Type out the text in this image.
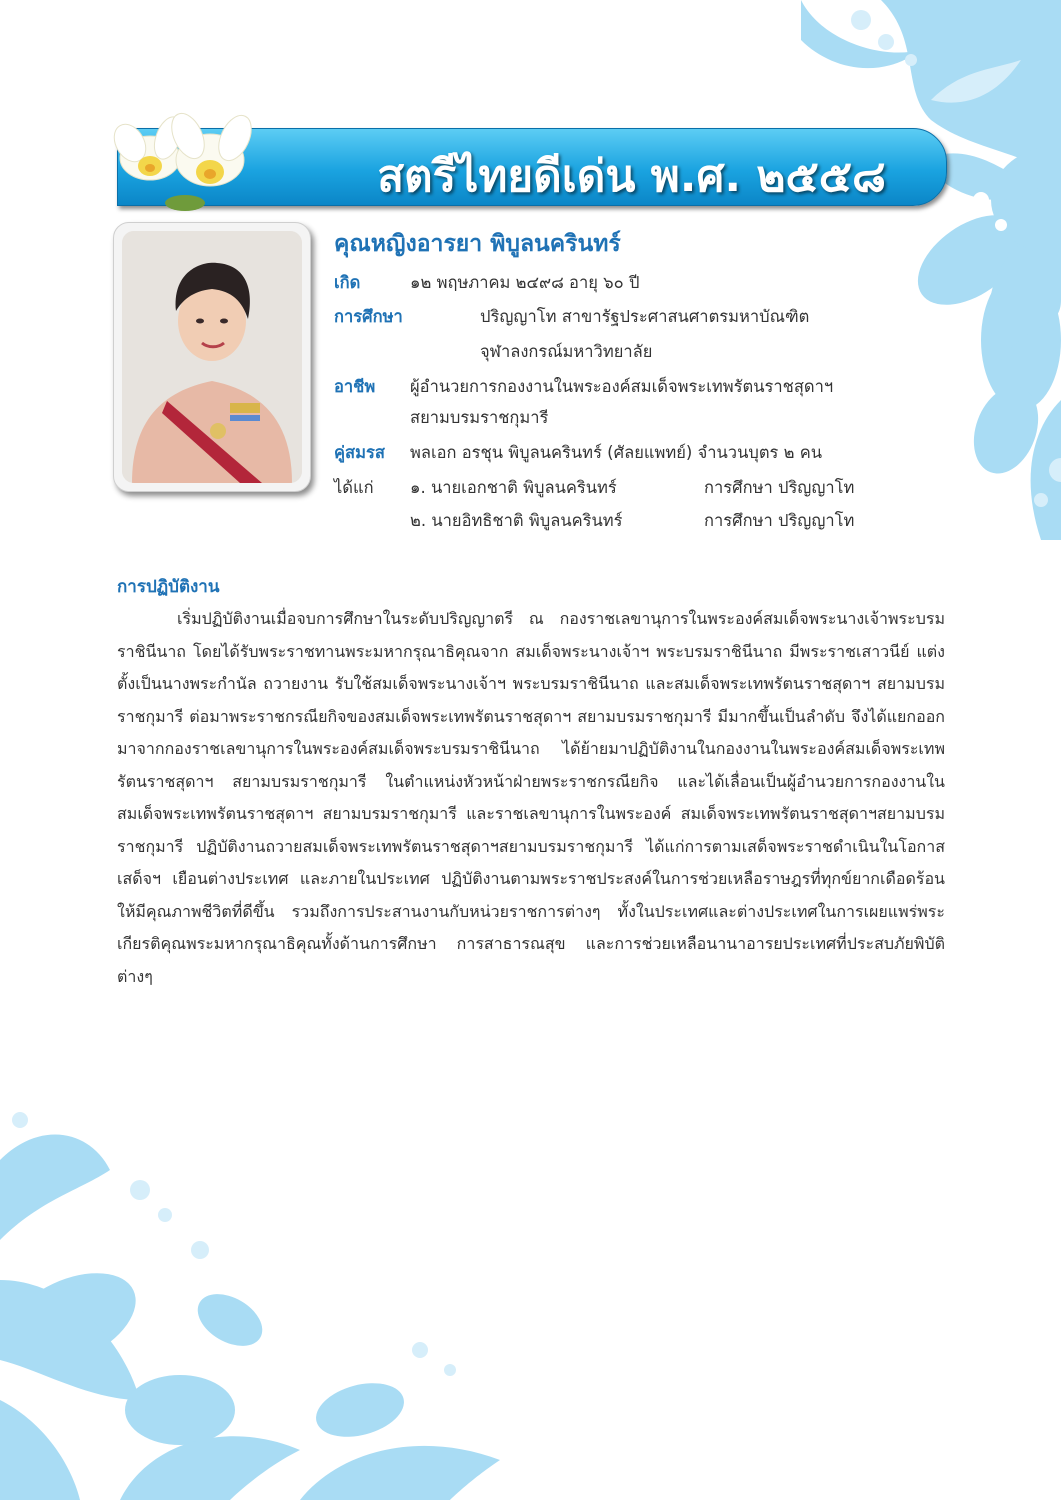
สตรีไทยดีเด่น พ.ศ. ๒๕๕๘
คุณหญิงอารยา พิบูลนครินทร์
เกิด	๑๒ พฤษภาคม ๒๔๙๘ อายุ ๖๐ ปี
การศึกษา	ปริญญาโท สาขารัฐประศาสนศาตรมหาบัณฑิต
จุฬาลงกรณ์มหาวิทยาลัย
อาชีพ ผู้อำนวยการกองงานในพระองค์สมเด็จพระเทพรัตนราชสุดาฯ
สยามบรมราชกุมารี
คู่สมรส พลเอก อรชุน พิบูลนครินทร์ (ศัลยแพทย์) จำนวนบุตร ๒ คน
ได้แก่ ๑. นายเอกชาติ พิบูลนครินทร์	การศึกษา ปริญญาโท
๒. นายอิทธิชาติ พิบูลนครินทร์	การศึกษา ปริญญาโท
การปฏิบัติงาน
เริ่มปฏิบัติงานเมื่อจบการศึกษาในระดับปริญญาตรี ณ กองราชเลขานุการในพระองค์สมเด็จพระนางเจ้าพระบรมราชินีนาถ โดยได้รับพระราชทานพระมหากรุณาธิคุณจาก สมเด็จพระนางเจ้าฯ พระบรมราชินีนาถ มีพระราชเสาวนีย์ แต่งตั้งเป็นนางพระกำนัล ถวายงาน รับใช้สมเด็จพระนางเจ้าฯ พระบรมราชินีนาถ และสมเด็จพระเทพรัตนราชสุดาฯ สยามบรมราชกุมารี ต่อมาพระราชกรณียกิจของสมเด็จพระเทพรัตนราชสุดาฯ สยามบรมราชกุมารี มีมากขึ้นเป็นลำดับ จึงได้แยกออกมาจากกองราชเลขานุการในพระองค์สมเด็จพระบรมราชินีนาถ ได้ย้ายมาปฏิบัติงานในกองงานในพระองค์สมเด็จพระเทพรัตนราชสุดาฯ สยามบรมราชกุมารี ในตำแหน่งหัวหน้าฝ่ายพระราชกรณียกิจ และได้เลื่อนเป็นผู้อำนวยการกองงานในสมเด็จพระเทพรัตนราชสุดาฯ สยามบรมราชกุมารี และราชเลขานุการในพระองค์ สมเด็จพระเทพรัตนราชสุดาฯสยามบรมราชกุมารี ปฏิบัติงานถวายสมเด็จพระเทพรัตนราชสุดาฯสยามบรมราชกุมารี ได้แก่การตามเสด็จพระราชดำเนินในโอกาสเสด็จฯ เยือนต่างประเทศ และภายในประเทศ ปฏิบัติงานตามพระราชประสงค์ในการช่วยเหลือราษฎรที่ทุกข์ยากเดือดร้อน ให้มีคุณภาพชีวิตที่ดีขึ้น รวมถึงการประสานงานกับหน่วยราชการต่างๆ ทั้งในประเทศและต่างประเทศในการเผยแพร่พระเกียรติคุณพระมหากรุณาธิคุณทั้งด้านการศึกษา การสาธารณสุข และการช่วยเหลือนานาอารยประเทศที่ประสบภัยพิบัติต่างๆ
